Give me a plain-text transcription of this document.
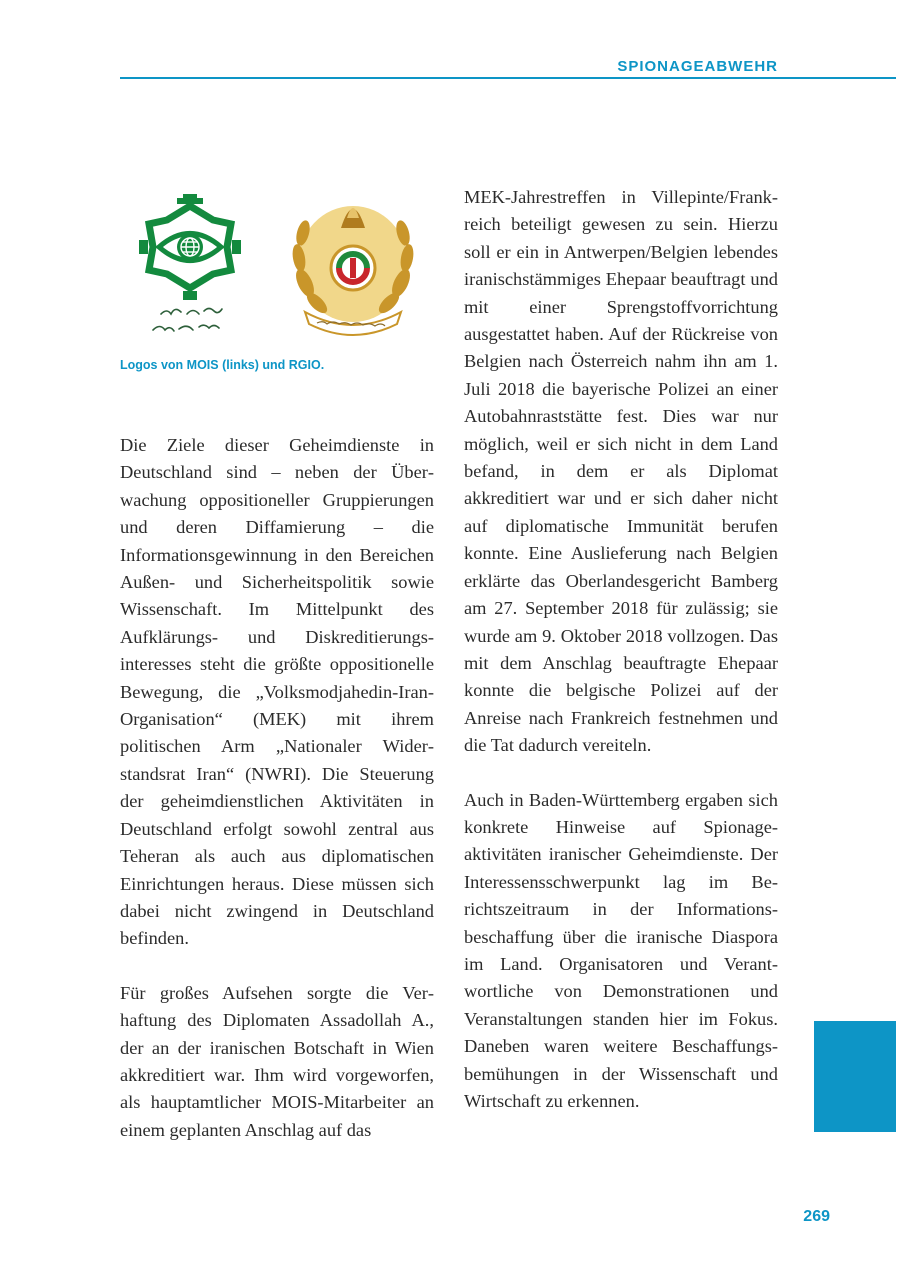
SPIONAGEABWEHR
Logos von MOIS (links) und RGIO.

Die Ziele dieser Geheimdienste in Deutschland sind – neben der Überwachung oppositioneller Gruppierungen und deren Diffamierung – die Informationsgewinnung in den Bereichen Außen- und Sicherheitspolitik sowie Wissenschaft. Im Mittelpunkt des Aufklärungs- und Diskreditierungsinteresses steht die größte oppositionelle Bewegung, die „Volksmodjahedin-Iran-Organisation“ (MEK) mit ihrem politischen Arm „Nationaler Widerstandsrat Iran“ (NWRI). Die Steuerung der geheimdienstlichen Aktivitäten in Deutschland erfolgt sowohl zentral aus Teheran als auch aus diplomatischen Einrichtungen heraus. Diese müssen sich dabei nicht zwingend in Deutschland befinden.

Für großes Aufsehen sorgte die Verhaftung des Diplomaten Assadollah A., der an der iranischen Botschaft in Wien akkreditiert war. Ihm wird vorgeworfen, als hauptamtlicher MOIS-Mitarbeiter an einem geplanten Anschlag auf das

MEK-Jahrestreffen in Villepinte/Frankreich beteiligt gewesen zu sein. Hierzu soll er ein in Antwerpen/Belgien lebendes iranischstämmiges Ehepaar beauftragt und mit einer Sprengstoffvorrichtung ausgestattet haben. Auf der Rückreise von Belgien nach Österreich nahm ihn am 1. Juli 2018 die bayerische Polizei an einer Autobahnraststätte fest. Dies war nur möglich, weil er sich nicht in dem Land befand, in dem er als Diplomat akkreditiert war und er sich daher nicht auf diplomatische Immunität berufen konnte. Eine Auslieferung nach Belgien erklärte das Oberlandesgericht Bamberg am 27. September 2018 für zulässig; sie wurde am 9. Oktober 2018 vollzogen. Das mit dem Anschlag beauftragte Ehepaar konnte die belgische Polizei auf der Anreise nach Frankreich festnehmen und die Tat dadurch vereiteln.

Auch in Baden-Württemberg ergaben sich konkrete Hinweise auf Spionageaktivitäten iranischer Geheimdienste. Der Interessensschwerpunkt lag im Berichtszeitraum in der Informationsbeschaffung über die iranische Diaspora im Land. Organisatoren und Verantwortliche von Demonstrationen und Veranstaltungen standen hier im Fokus. Daneben waren weitere Beschaffungsbemühungen in der Wissenschaft und Wirtschaft zu erkennen.

269
